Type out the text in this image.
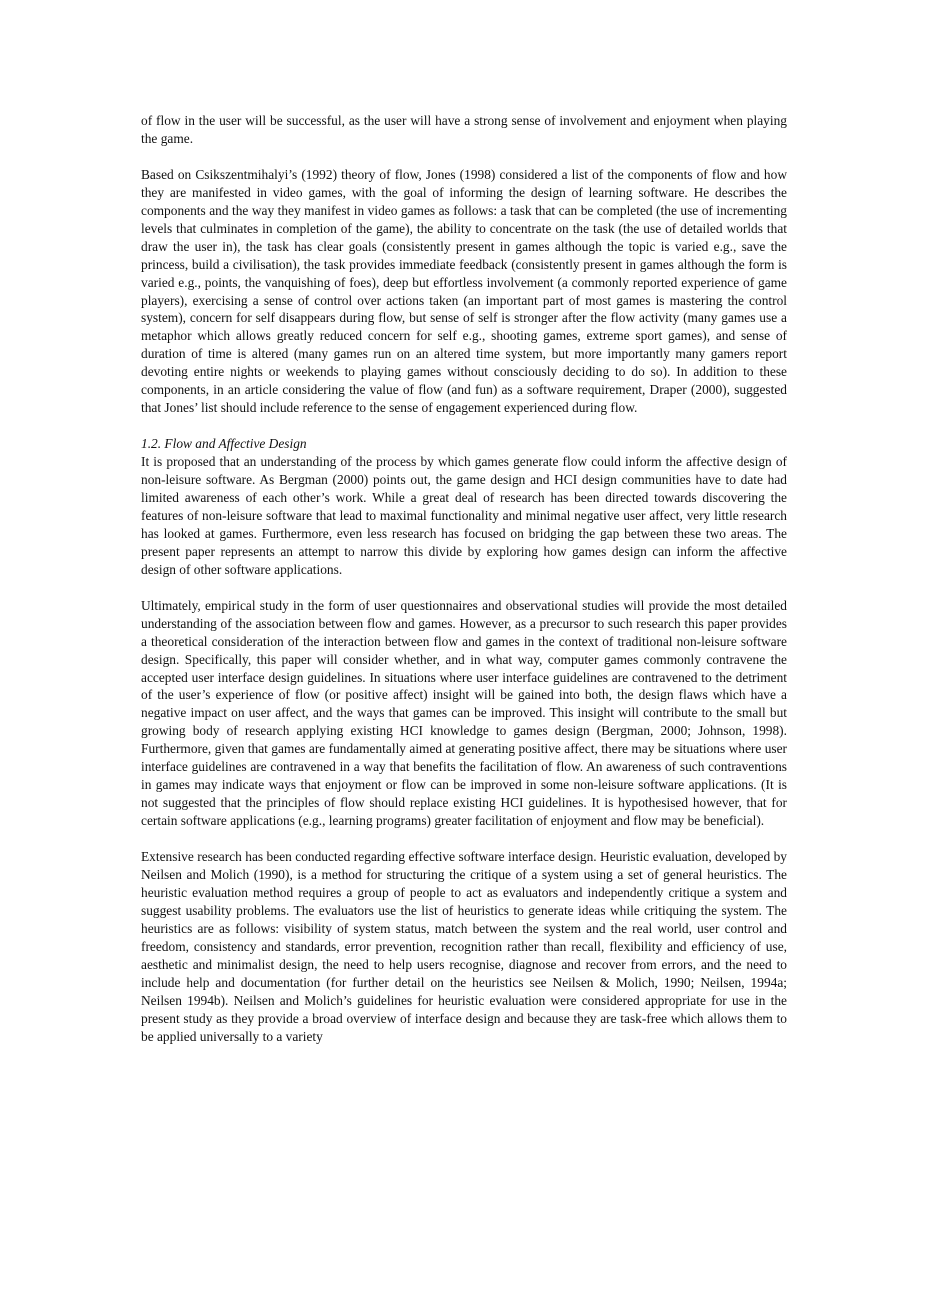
of flow in the user will be successful, as the user will have a strong sense of involvement and enjoyment when playing the game.

Based on Csikszentmihalyi’s (1992) theory of flow, Jones (1998) considered a list of the components of flow and how they are manifested in video games, with the goal of informing the design of learning software. He describes the components and the way they manifest in video games as follows: a task that can be completed (the use of incrementing levels that culminates in completion of the game), the ability to concentrate on the task (the use of detailed worlds that draw the user in), the task has clear goals (consistently present in games although the topic is varied e.g., save the princess, build a civilisation), the task provides immediate feedback (consistently present in games although the form is varied e.g., points, the vanquishing of foes), deep but effortless involvement (a commonly reported experience of game players), exercising a sense of control over actions taken (an important part of most games is mastering the control system), concern for self disappears during flow, but sense of self is stronger after the flow activity (many games use a metaphor which allows greatly reduced concern for self e.g., shooting games, extreme sport games), and sense of duration of time is altered (many games run on an altered time system, but more importantly many gamers report devoting entire nights or weekends to playing games without consciously deciding to do so). In addition to these components, in an article considering the value of flow (and fun) as a software requirement, Draper (2000), suggested that Jones’ list should include reference to the sense of engagement experienced during flow.

1.2. Flow and Affective Design

It is proposed that an understanding of the process by which games generate flow could inform the affective design of non-leisure software. As Bergman (2000) points out, the game design and HCI design communities have to date had limited awareness of each other’s work. While a great deal of research has been directed towards discovering the features of non-leisure software that lead to maximal functionality and minimal negative user affect, very little research has looked at games. Furthermore, even less research has focused on bridging the gap between these two areas. The present paper represents an attempt to narrow this divide by exploring how games design can inform the affective design of other software applications.

Ultimately, empirical study in the form of user questionnaires and observational studies will provide the most detailed understanding of the association between flow and games. However, as a precursor to such research this paper provides a theoretical consideration of the interaction between flow and games in the context of traditional non-leisure software design. Specifically, this paper will consider whether, and in what way, computer games commonly contravene the accepted user interface design guidelines. In situations where user interface guidelines are contravened to the detriment of the user’s experience of flow (or positive affect) insight will be gained into both, the design flaws which have a negative impact on user affect, and the ways that games can be improved. This insight will contribute to the small but growing body of research applying existing HCI knowledge to games design (Bergman, 2000; Johnson, 1998). Furthermore, given that games are fundamentally aimed at generating positive affect, there may be situations where user interface guidelines are contravened in a way that benefits the facilitation of flow. An awareness of such contraventions in games may indicate ways that enjoyment or flow can be improved in some non-leisure software applications. (It is not suggested that the principles of flow should replace existing HCI guidelines. It is hypothesised however, that for certain software applications (e.g., learning programs) greater facilitation of enjoyment and flow may be beneficial).

Extensive research has been conducted regarding effective software interface design. Heuristic evaluation, developed by Neilsen and Molich (1990), is a method for structuring the critique of a system using a set of general heuristics. The heuristic evaluation method requires a group of people to act as evaluators and independently critique a system and suggest usability problems. The evaluators use the list of heuristics to generate ideas while critiquing the system. The heuristics are as follows: visibility of system status, match between the system and the real world, user control and freedom, consistency and standards, error prevention, recognition rather than recall, flexibility and efficiency of use, aesthetic and minimalist design, the need to help users recognise, diagnose and recover from errors, and the need to include help and documentation (for further detail on the heuristics see Neilsen & Molich, 1990; Neilsen, 1994a; Neilsen 1994b). Neilsen and Molich’s guidelines for heuristic evaluation were considered appropriate for use in the present study as they provide a broad overview of interface design and because they are task-free which allows them to be applied universally to a variety
